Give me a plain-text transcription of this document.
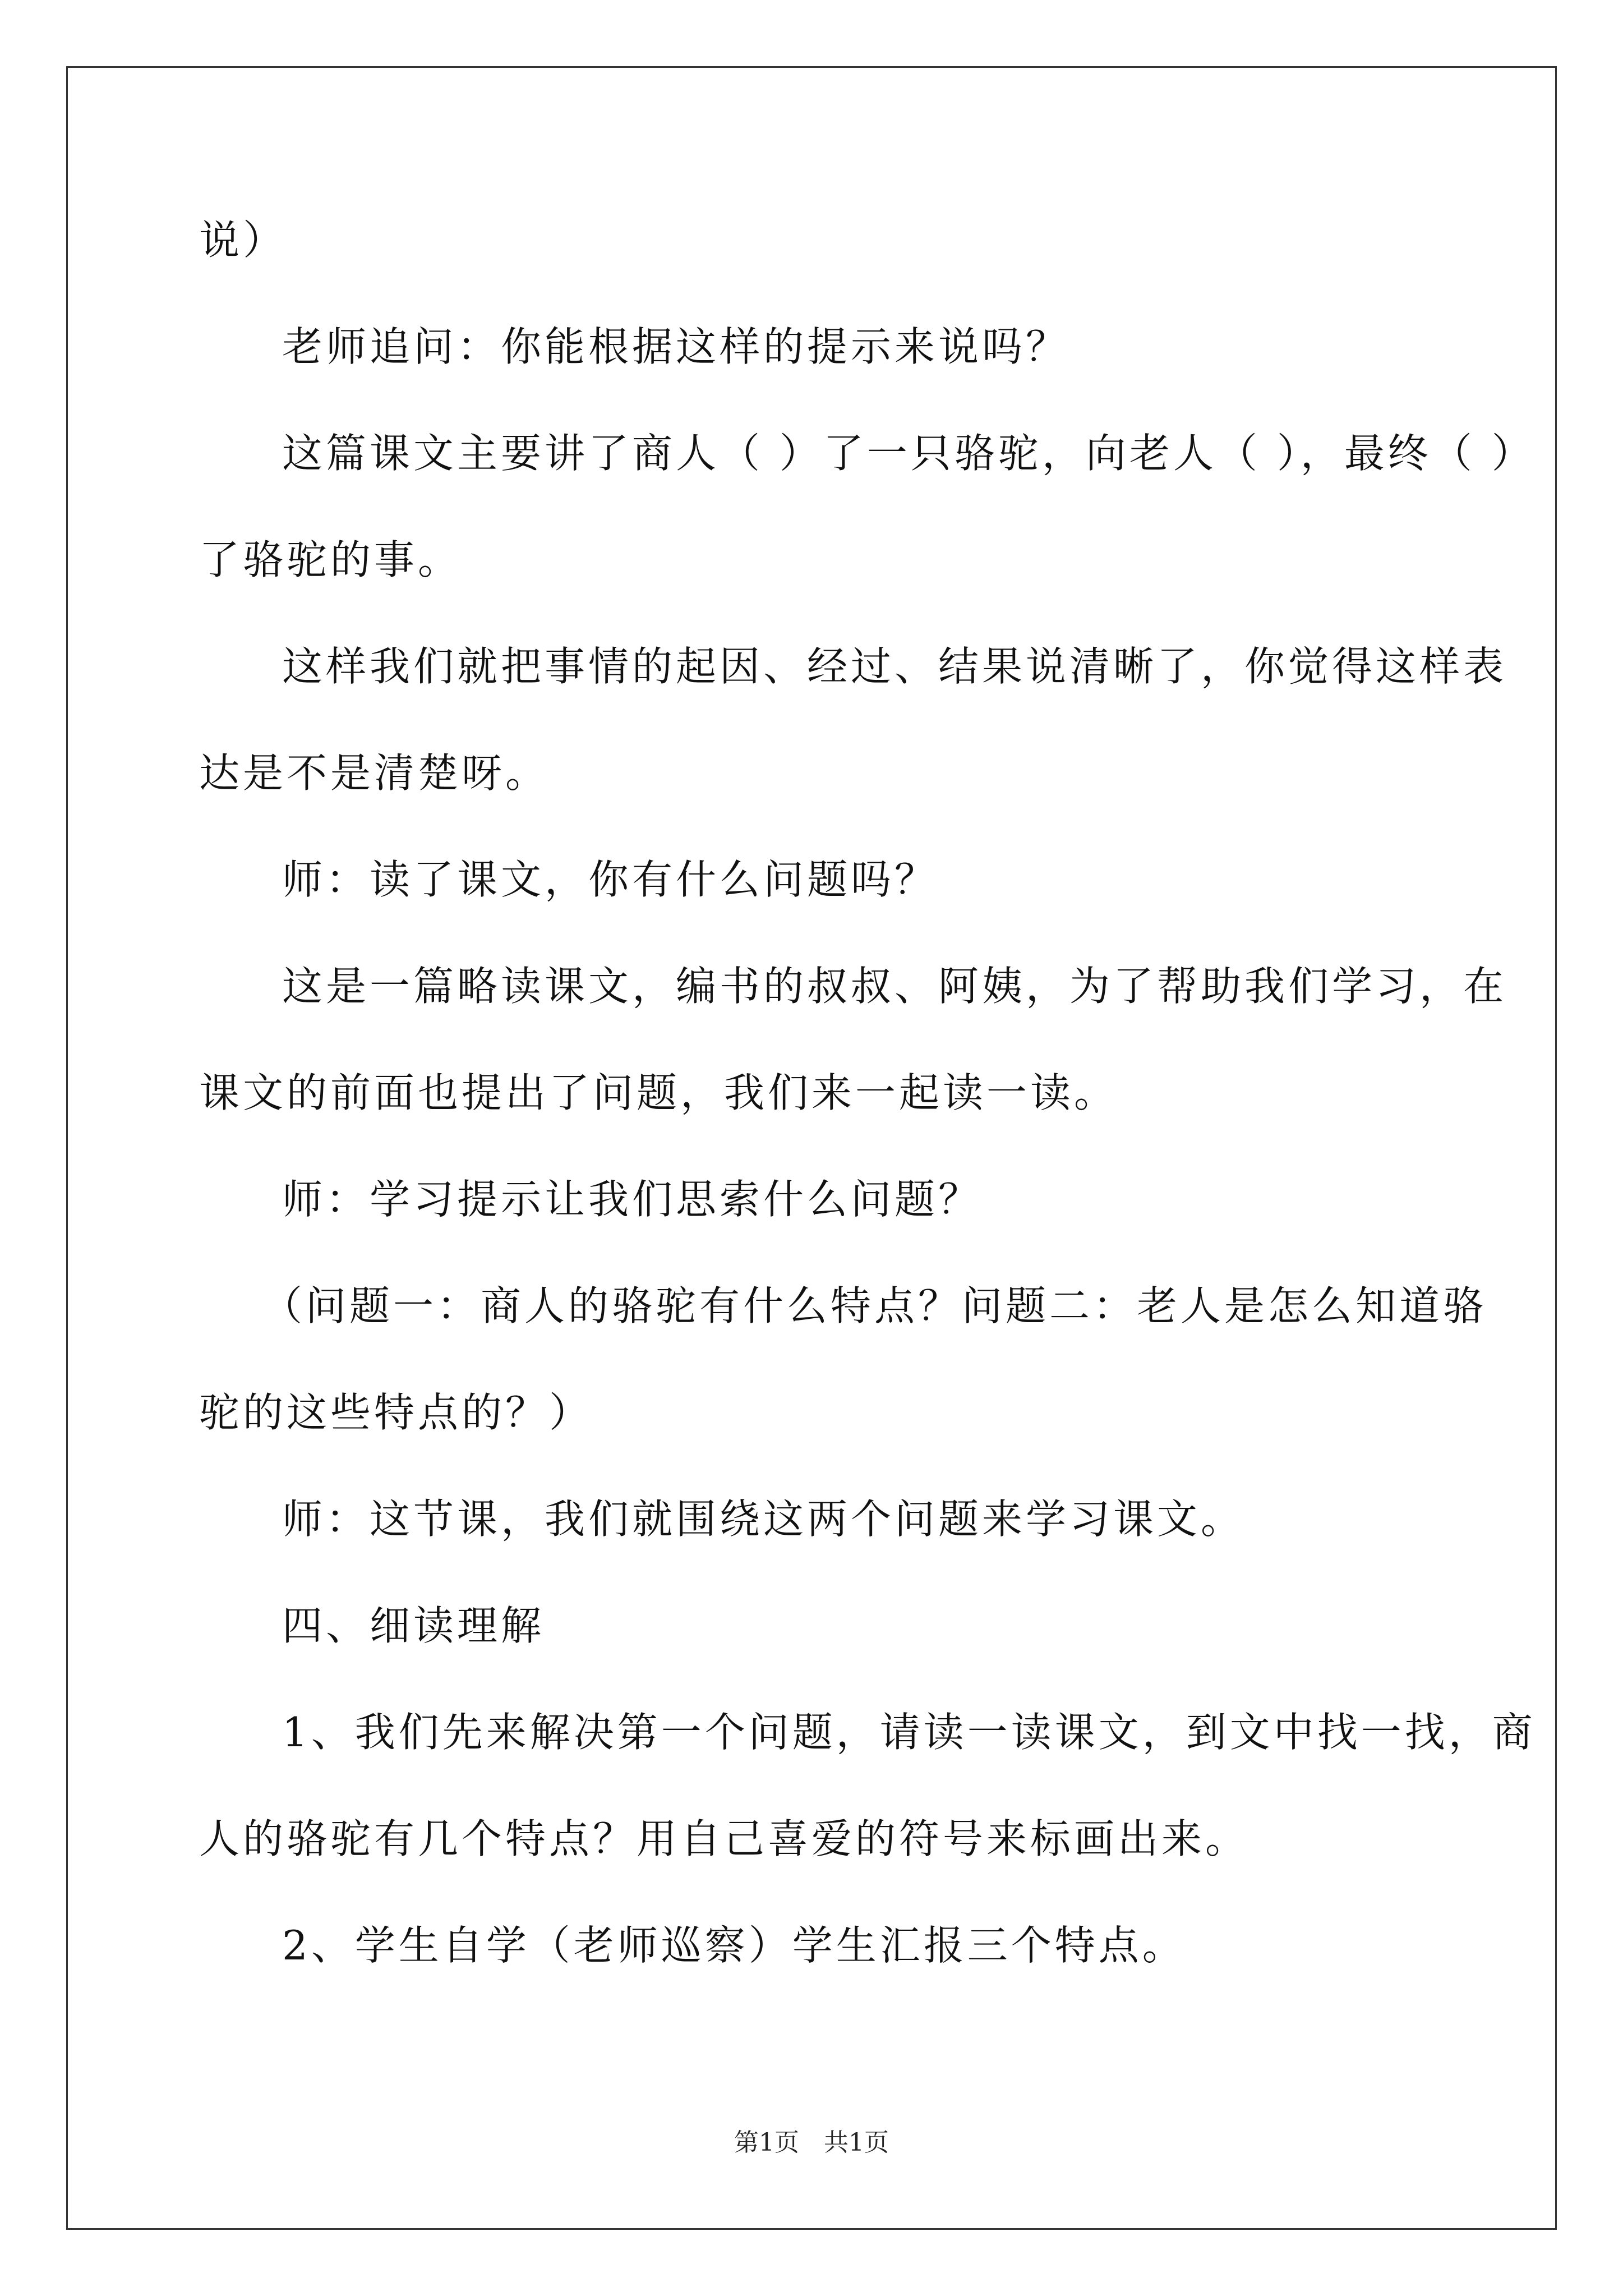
说）
老师追问：你能根据这样的提示来说吗？
这篇课文主要讲了商人（ ）了一只骆驼，向老人（ ），最终（ ）
了骆驼的事。
这样我们就把事情的起因、经过、结果说清晰了，你觉得这样表
达是不是清楚呀。
师：读了课文，你有什么问题吗？
这是一篇略读课文，编书的叔叔、阿姨，为了帮助我们学习，在
课文的前面也提出了问题，我们来一起读一读。
师：学习提示让我们思索什么问题？
（问题一：商人的骆驼有什么特点？问题二：老人是怎么知道骆
驼的这些特点的？）
师：这节课，我们就围绕这两个问题来学习课文。
四、细读理解
1、我们先来解决第一个问题，请读一读课文，到文中找一找，商
人的骆驼有几个特点？用自己喜爱的符号来标画出来。
2、学生自学（老师巡察）学生汇报三个特点。
第1页　共1页
